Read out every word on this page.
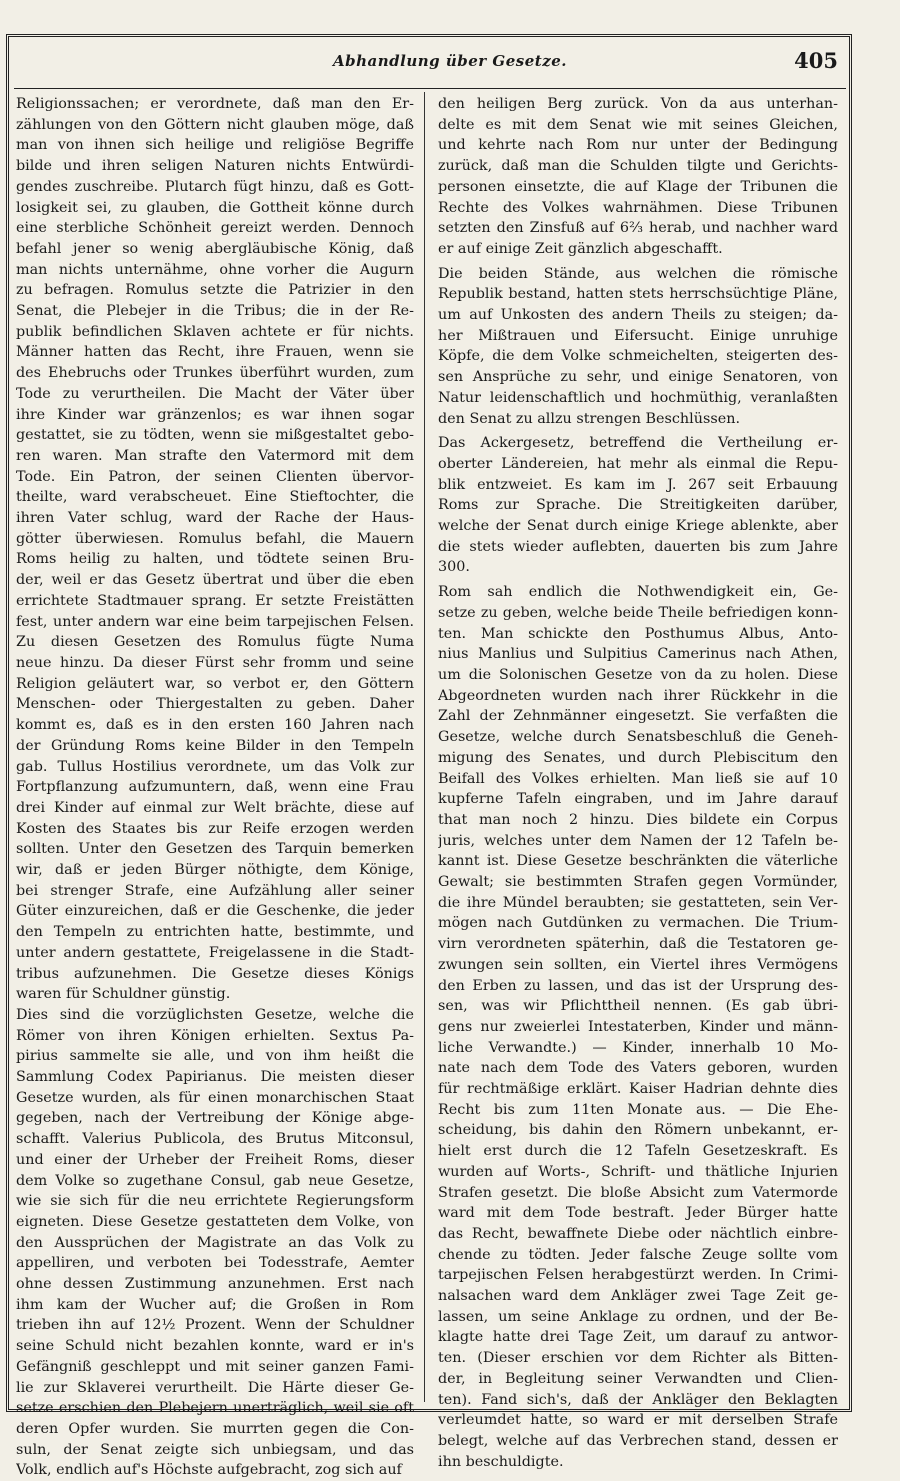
Abhandlung über Gesetze.	405
Religionssachen; er verordnete, daß man den Er-
zählungen von den Göttern nicht glauben möge, daß
man von ihnen sich heilige und religiöse Begriffe
bilde und ihren seligen Naturen nichts Entwürdi-
gendes zuschreibe. Plutarch fügt hinzu, daß es Gott-
losigkeit sei, zu glauben, die Gottheit könne durch
eine sterbliche Schönheit gereizt werden. Dennoch
befahl jener so wenig abergläubische König, daß
man nichts unternähme, ohne vorher die Augurn
zu befragen. Romulus setzte die Patrizier in den
Senat, die Plebejer in die Tribus; die in der Re-
publik befindlichen Sklaven achtete er für nichts.
Männer hatten das Recht, ihre Frauen, wenn sie
des Ehebruchs oder Trunkes überführt wurden, zum
Tode zu verurtheilen. Die Macht der Väter über
ihre Kinder war gränzenlos; es war ihnen sogar
gestattet, sie zu tödten, wenn sie mißgestaltet gebo-
ren waren. Man strafte den Vatermord mit dem
Tode. Ein Patron, der seinen Clienten übervor-
theilte, ward verabscheuet. Eine Stieftochter, die
ihren Vater schlug, ward der Rache der Haus-
götter überwiesen. Romulus befahl, die Mauern
Roms heilig zu halten, und tödtete seinen Bru-
der, weil er das Gesetz übertrat und über die eben
errichtete Stadtmauer sprang. Er setzte Freistätten
fest, unter andern war eine beim tarpejischen Felsen.
Zu diesen Gesetzen des Romulus fügte Numa
neue hinzu. Da dieser Fürst sehr fromm und seine
Religion geläutert war, so verbot er, den Göttern
Menschen- oder Thiergestalten zu geben. Daher
kommt es, daß es in den ersten 160 Jahren nach
der Gründung Roms keine Bilder in den Tempeln
gab. Tullus Hostilius verordnete, um das Volk zur
Fortpflanzung aufzumuntern, daß, wenn eine Frau
drei Kinder auf einmal zur Welt brächte, diese auf
Kosten des Staates bis zur Reife erzogen werden
sollten. Unter den Gesetzen des Tarquin bemerken
wir, daß er jeden Bürger nöthigte, dem Könige,
bei strenger Strafe, eine Aufzählung aller seiner
Güter einzureichen, daß er die Geschenke, die jeder
den Tempeln zu entrichten hatte, bestimmte, und
unter andern gestattete, Freigelassene in die Stadt-
tribus aufzunehmen. Die Gesetze dieses Königs
waren für Schuldner günstig.
Dies sind die vorzüglichsten Gesetze, welche die
Römer von ihren Königen erhielten. Sextus Pa-
pirius sammelte sie alle, und von ihm heißt die
Sammlung Codex Papirianus. Die meisten dieser
Gesetze wurden, als für einen monarchischen Staat
gegeben, nach der Vertreibung der Könige abge-
schafft. Valerius Publicola, des Brutus Mitconsul,
und einer der Urheber der Freiheit Roms, dieser
dem Volke so zugethane Consul, gab neue Gesetze,
wie sie sich für die neu errichtete Regierungsform
eigneten. Diese Gesetze gestatteten dem Volke, von
den Aussprüchen der Magistrate an das Volk zu
appelliren, und verboten bei Todesstrafe, Aemter
ohne dessen Zustimmung anzunehmen. Erst nach
ihm kam der Wucher auf; die Großen in Rom
trieben ihn auf 12½ Prozent. Wenn der Schuldner
seine Schuld nicht bezahlen konnte, ward er in's
Gefängniß geschleppt und mit seiner ganzen Fami-
lie zur Sklaverei verurtheilt. Die Härte dieser Ge-
setze erschien den Plebejern unerträglich, weil sie oft
deren Opfer wurden. Sie murrten gegen die Con-
suln, der Senat zeigte sich unbiegsam, und das
Volk, endlich auf's Höchste aufgebracht, zog sich auf
den heiligen Berg zurück. Von da aus unterhan-
delte es mit dem Senat wie mit seines Gleichen,
und kehrte nach Rom nur unter der Bedingung
zurück, daß man die Schulden tilgte und Gerichts-
personen einsetzte, die auf Klage der Tribunen die
Rechte des Volkes wahrnähmen. Diese Tribunen
setzten den Zinsfuß auf 6⅔ herab, und nachher ward
er auf einige Zeit gänzlich abgeschafft.
Die beiden Stände, aus welchen die römische
Republik bestand, hatten stets herrschsüchtige Pläne,
um auf Unkosten des andern Theils zu steigen; da-
her Mißtrauen und Eifersucht. Einige unruhige
Köpfe, die dem Volke schmeichelten, steigerten des-
sen Ansprüche zu sehr, und einige Senatoren, von
Natur leidenschaftlich und hochmüthig, veranlaßten
den Senat zu allzu strengen Beschlüssen.
Das Ackergesetz, betreffend die Vertheilung er-
oberter Ländereien, hat mehr als einmal die Repu-
blik entzweiet. Es kam im J. 267 seit Erbauung
Roms zur Sprache. Die Streitigkeiten darüber,
welche der Senat durch einige Kriege ablenkte, aber
die stets wieder auflebten, dauerten bis zum Jahre
300.
Rom sah endlich die Nothwendigkeit ein, Ge-
setze zu geben, welche beide Theile befriedigen konn-
ten. Man schickte den Posthumus Albus, Anto-
nius Manlius und Sulpitius Camerinus nach Athen,
um die Solonischen Gesetze von da zu holen. Diese
Abgeordneten wurden nach ihrer Rückkehr in die
Zahl der Zehnmänner eingesetzt. Sie verfaßten die
Gesetze, welche durch Senatsbeschluß die Geneh-
migung des Senates, und durch Plebiscitum den
Beifall des Volkes erhielten. Man ließ sie auf 10
kupferne Tafeln eingraben, und im Jahre darauf
that man noch 2 hinzu. Dies bildete ein Corpus
juris, welches unter dem Namen der 12 Tafeln be-
kannt ist. Diese Gesetze beschränkten die väterliche
Gewalt; sie bestimmten Strafen gegen Vormünder,
die ihre Mündel beraubten; sie gestatteten, sein Ver-
mögen nach Gutdünken zu vermachen. Die Trium-
virn verordneten späterhin, daß die Testatoren ge-
zwungen sein sollten, ein Viertel ihres Vermögens
den Erben zu lassen, und das ist der Ursprung des-
sen, was wir Pflichttheil nennen. (Es gab übri-
gens nur zweierlei Intestaterben, Kinder und männ-
liche Verwandte.) — Kinder, innerhalb 10 Mo-
nate nach dem Tode des Vaters geboren, wurden
für rechtmäßige erklärt. Kaiser Hadrian dehnte dies
Recht bis zum 11ten Monate aus. — Die Ehe-
scheidung, bis dahin den Römern unbekannt, er-
hielt erst durch die 12 Tafeln Gesetzeskraft. Es
wurden auf Worts-, Schrift- und thätliche Injurien
Strafen gesetzt. Die bloße Absicht zum Vatermorde
ward mit dem Tode bestraft. Jeder Bürger hatte
das Recht, bewaffnete Diebe oder nächtlich einbre-
chende zu tödten. Jeder falsche Zeuge sollte vom
tarpejischen Felsen herabgestürzt werden. In Crimi-
nalsachen ward dem Ankläger zwei Tage Zeit ge-
lassen, um seine Anklage zu ordnen, und der Be-
klagte hatte drei Tage Zeit, um darauf zu antwor-
ten. (Dieser erschien vor dem Richter als Bitten-
der, in Begleitung seiner Verwandten und Clien-
ten). Fand sich's, daß der Ankläger den Beklagten
verleumdet hatte, so ward er mit derselben Strafe
belegt, welche auf das Verbrechen stand, dessen er
ihn beschuldigte.
